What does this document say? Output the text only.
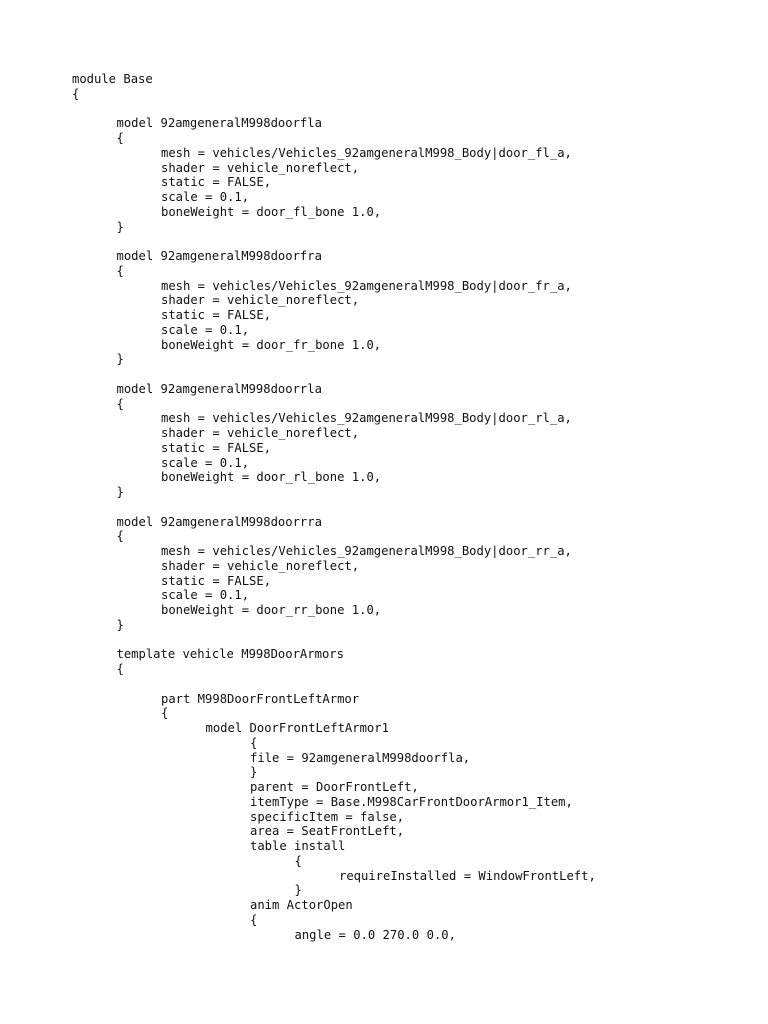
module Base
{
model 92amgeneralM998doorfla
{
mesh = vehicles/Vehicles_92amgeneralM998_Body|door_fl_a,
shader = vehicle_noreflect,
static = FALSE,
scale = 0.1,
boneWeight = door_fl_bone 1.0,
}
model 92amgeneralM998doorfra
{
mesh = vehicles/Vehicles_92amgeneralM998_Body|door_fr_a,
shader = vehicle_noreflect,
static = FALSE,
scale = 0.1,
boneWeight = door_fr_bone 1.0,
}
model 92amgeneralM998doorrla
{
mesh = vehicles/Vehicles_92amgeneralM998_Body|door_rl_a,
shader = vehicle_noreflect,
static = FALSE,
scale = 0.1,
boneWeight = door_rl_bone 1.0,
}
model 92amgeneralM998doorrra
{
mesh = vehicles/Vehicles_92amgeneralM998_Body|door_rr_a,
shader = vehicle_noreflect,
static = FALSE,
scale = 0.1,
boneWeight = door_rr_bone 1.0,
}
template vehicle M998DoorArmors
{
part M998DoorFrontLeftArmor
{
model DoorFrontLeftArmor1
{
file = 92amgeneralM998doorfla,
}
parent = DoorFrontLeft,
itemType = Base.M998CarFrontDoorArmor1_Item,
specificItem = false,
area = SeatFrontLeft,
table install
{
requireInstalled = WindowFrontLeft,
}
anim ActorOpen
{
angle = 0.0 270.0 0.0,
